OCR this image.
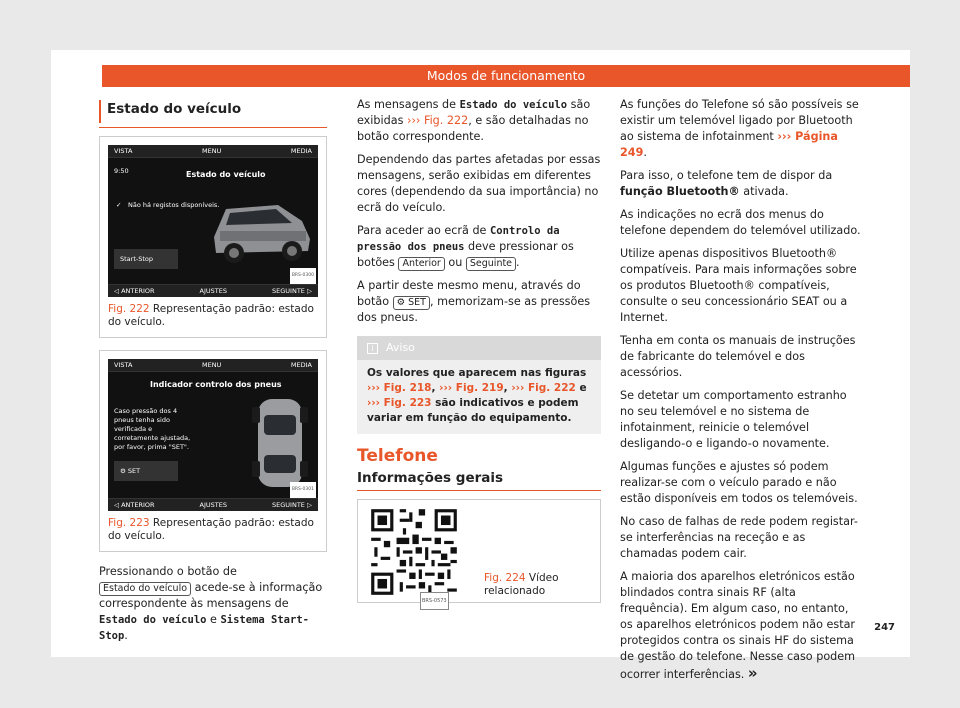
Modos de funcionamento
Estado do veículo
VISTA	MENU	MEDIA
9:50	Estado do veículo
✓ Não há registos disponíveis.
Start-Stop
BRS-0300
◁ ANTERIOR	AJUSTES	SEGUINTE ▷
Fig. 222 Representação padrão: estado do veículo.
VISTA	MENU	MEDIA
Indicador controlo dos pneus
Caso pressão dos 4 pneus tenha sido verificada e corretamente ajustada, por favor, prima "SET".
⚙ SET
BRS-0301
◁ ANTERIOR	AJUSTES	SEGUINTE ▷
Fig. 223 Representação padrão: estado do veículo.

Pressionando o botão de Estado do veículo acede-se à informação correspondente às mensagens de Estado do veículo e Sistema Start-Stop.

As mensagens de Estado do veículo são exibidas ››› Fig. 222, e são detalhadas no botão correspondente.

Dependendo das partes afetadas por essas mensagens, serão exibidas em diferentes cores (dependendo da sua importância) no ecrã do veículo.

Para aceder ao ecrã de Controlo da pressão dos pneus deve pressionar os botões Anterior ou Seguinte .

A partir deste mesmo menu, através do botão ⚙ SET , memorizam-se as pressões dos pneus.

i	Aviso
Os valores que aparecem nas figuras ››› Fig. 218, ››› Fig. 219, ››› Fig. 222 e ››› Fig. 223 são indicativos e podem variar em função do equipamento.
Telefone
Informações gerais
BRS-0573
Fig. 224 Vídeo relacionado

As funções do Telefone só são possíveis se existir um telemóvel ligado por Bluetooth ao sistema de infotainment ››› Página 249.

Para isso, o telefone tem de dispor da função Bluetooth® ativada.

As indicações no ecrã dos menus do telefone dependem do telemóvel utilizado.

Utilize apenas dispositivos Bluetooth® compatíveis. Para mais informações sobre os produtos Bluetooth® compatíveis, consulte o seu concessionário SEAT ou a Internet.

Tenha em conta os manuais de instruções de fabricante do telemóvel e dos acessórios.

Se detetar um comportamento estranho no seu telemóvel e no sistema de infotainment, reinicie o telemóvel desligando-o e ligando-o novamente.

Algumas funções e ajustes só podem realizar-se com o veículo parado e não estão disponíveis em todos os telemóveis.

No caso de falhas de rede podem registar-se interferências na receção e as chamadas podem cair.

A maioria dos aparelhos eletrónicos estão blindados contra sinais RF (alta frequência). Em algum caso, no entanto, os aparelhos eletrónicos podem não estar protegidos contra os sinais HF do sistema de gestão do telefone. Nesse caso podem ocorrer interferências. »

247
